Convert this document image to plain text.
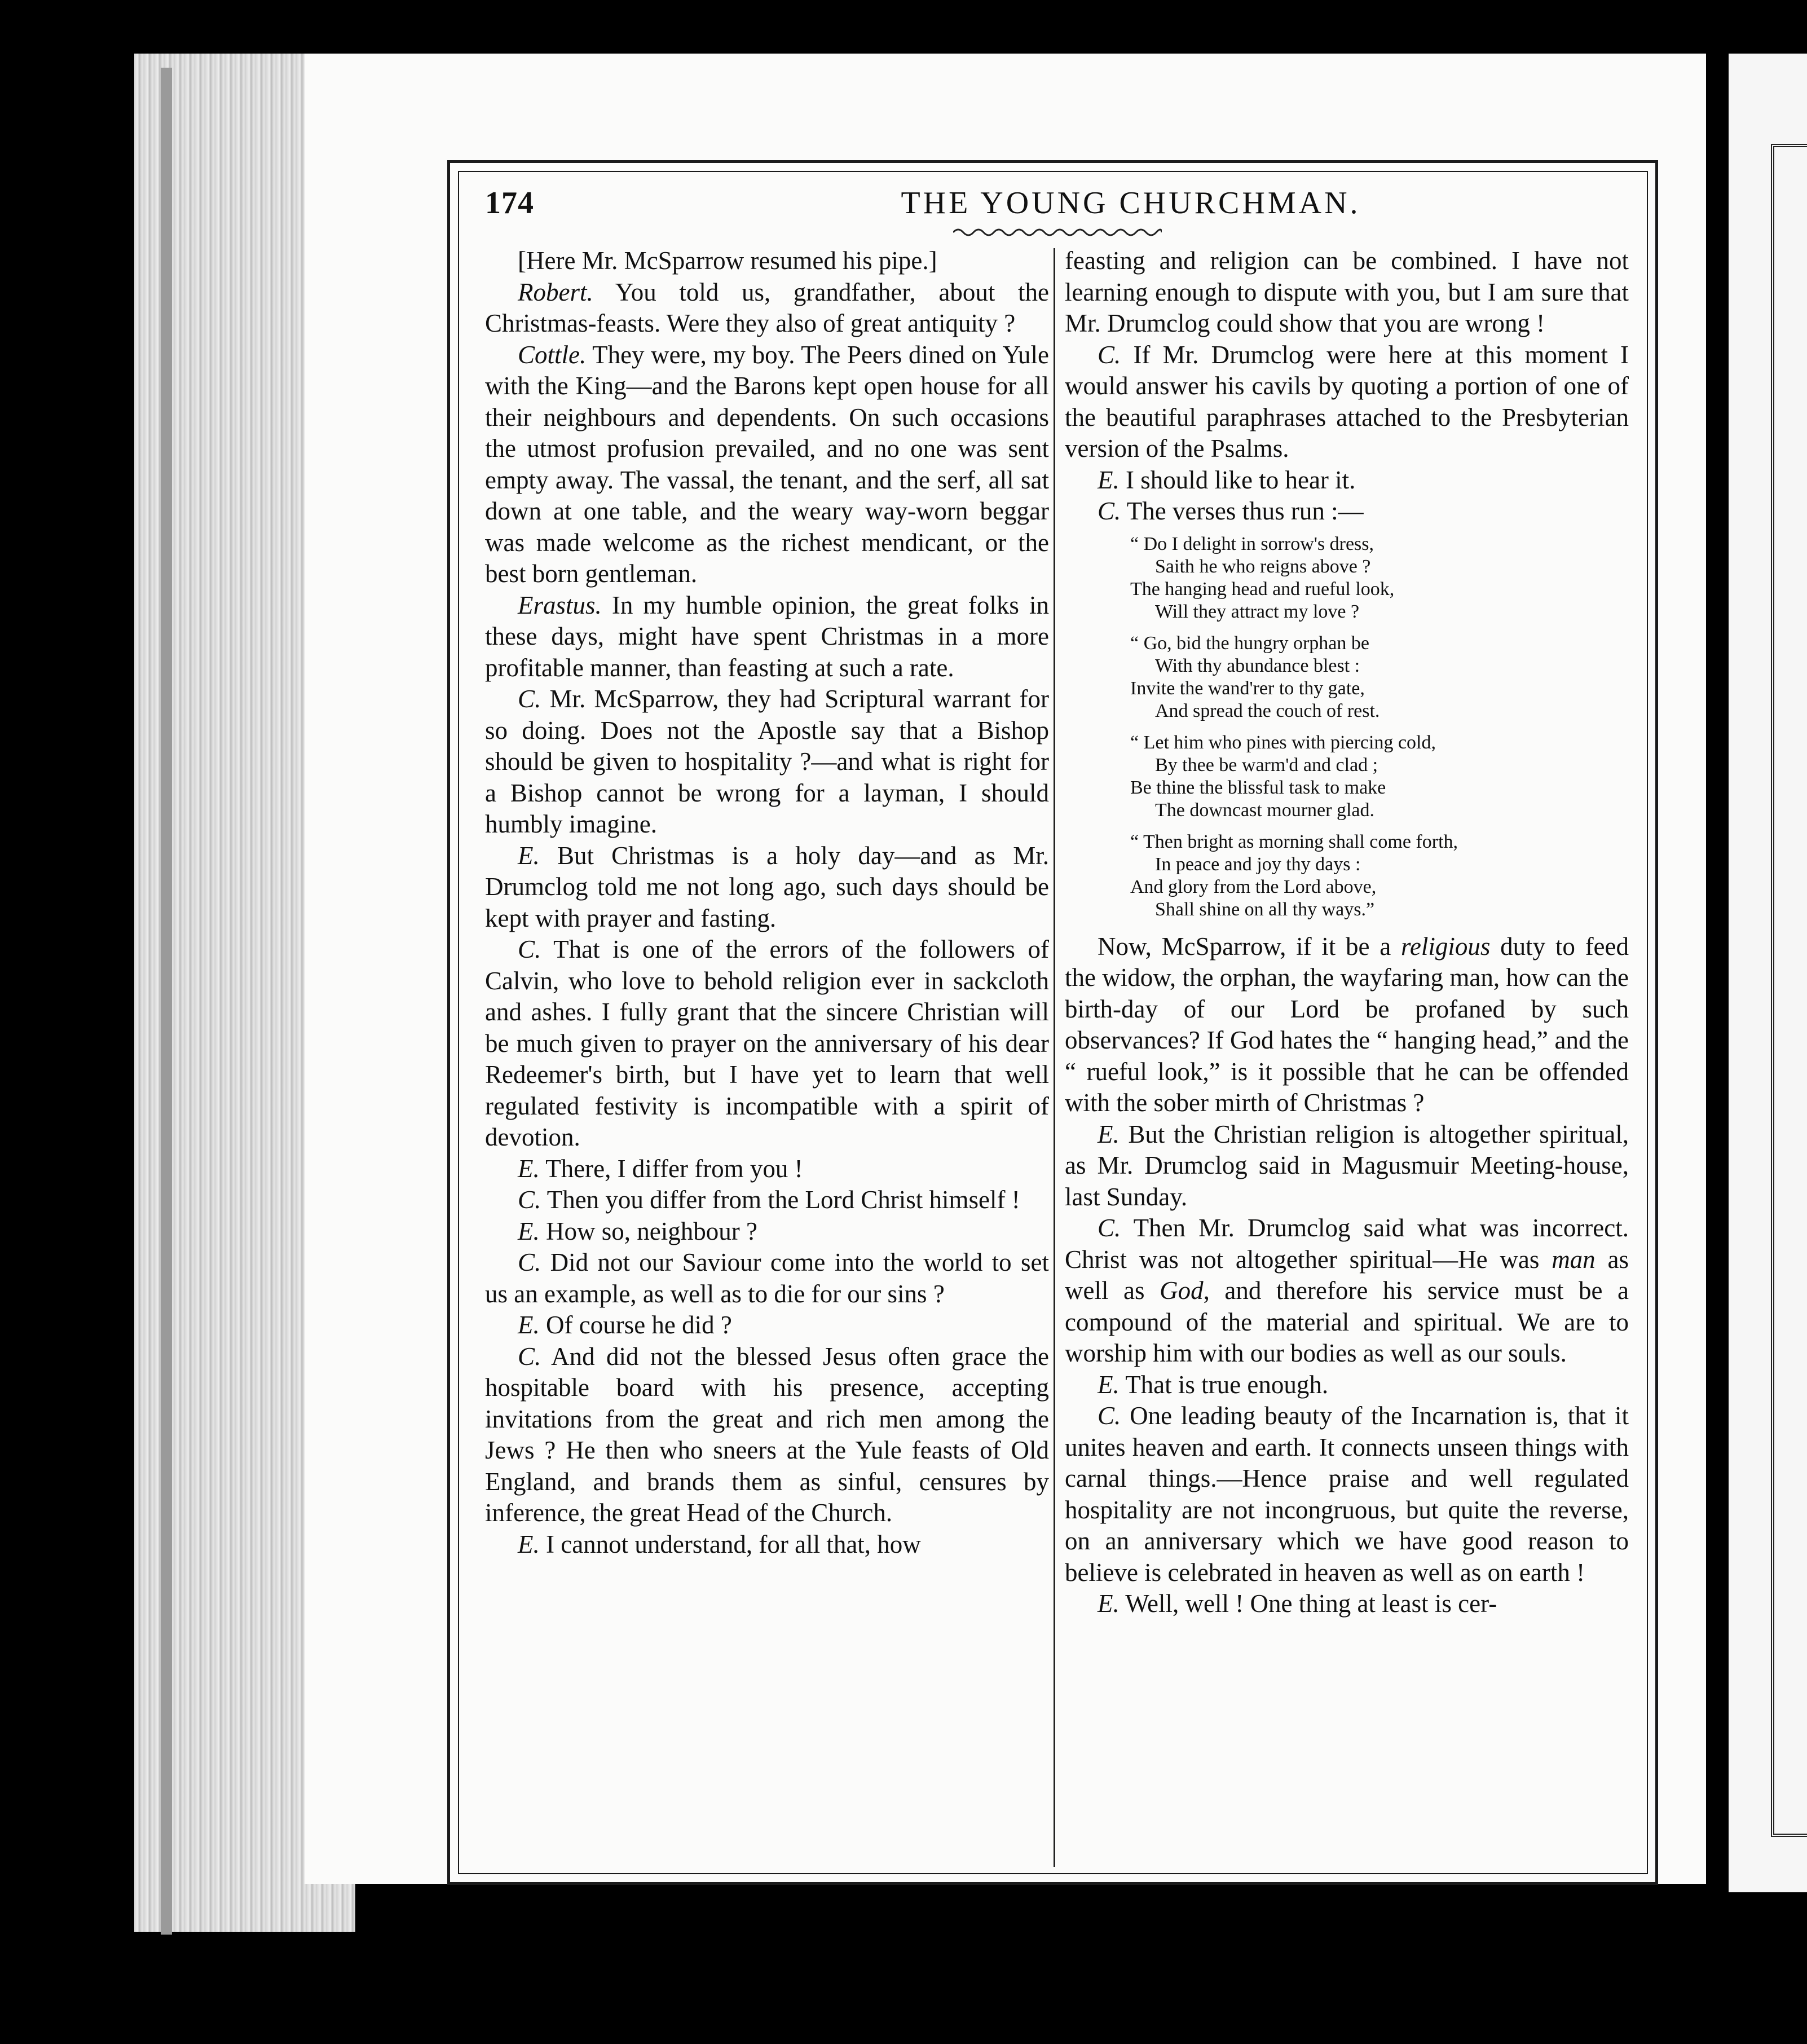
174	THE YOUNG CHURCHMAN.

[Here Mr. McSparrow resumed his pipe.]

Robert. You told us, grandfather, about the Christmas-feasts. Were they also of great antiquity ?

Cottle. They were, my boy. The Peers dined on Yule with the King—and the Barons kept open house for all their neighbours and dependents. On such occasions the utmost profusion prevailed, and no one was sent empty away. The vassal, the tenant, and the serf, all sat down at one table, and the weary way-worn beggar was made welcome as the richest mendicant, or the best born gentleman.

Erastus. In my humble opinion, the great folks in these days, might have spent Christmas in a more profitable manner, than feasting at such a rate.

C. Mr. McSparrow, they had Scriptural warrant for so doing. Does not the Apostle say that a Bishop should be given to hospitality ?—and what is right for a Bishop cannot be wrong for a layman, I should humbly imagine.

E. But Christmas is a holy day—and as Mr. Drumclog told me not long ago, such days should be kept with prayer and fasting.

C. That is one of the errors of the followers of Calvin, who love to behold religion ever in sackcloth and ashes. I fully grant that the sincere Christian will be much given to prayer on the anniversary of his dear Redeemer's birth, but I have yet to learn that well regulated festivity is incompatible with a spirit of devotion.

E. There, I differ from you !

C. Then you differ from the Lord Christ himself !

E. How so, neighbour ?

C. Did not our Saviour come into the world to set us an example, as well as to die for our sins ?

E. Of course he did ?

C. And did not the blessed Jesus often grace the hospitable board with his presence, accepting invitations from the great and rich men among the Jews ? He then who sneers at the Yule feasts of Old England, and brands them as sinful, censures by inference, the great Head of the Church.

E. I cannot understand, for all that, how

feasting and religion can be combined. I have not learning enough to dispute with you, but I am sure that Mr. Drumclog could show that you are wrong !

C. If Mr. Drumclog were here at this moment I would answer his cavils by quoting a portion of one of the beautiful paraphrases attached to the Presbyterian version of the Psalms.

E. I should like to hear it.

C. The verses thus run :—

“ Do I delight in sorrow's dress,
Saith he who reigns above ?
The hanging head and rueful look,
Will they attract my love ?
“ Go, bid the hungry orphan be
With thy abundance blest :
Invite the wand'rer to thy gate,
And spread the couch of rest.
“ Let him who pines with piercing cold,
By thee be warm'd and clad ;
Be thine the blissful task to make
The downcast mourner glad.
“ Then bright as morning shall come forth,
In peace and joy thy days :
And glory from the Lord above,
Shall shine on all thy ways.”

Now, McSparrow, if it be a religious duty to feed the widow, the orphan, the wayfaring man, how can the birth-day of our Lord be profaned by such observances? If God hates the “ hanging head,” and the “ rueful look,” is it possible that he can be offended with the sober mirth of Christmas ?

E. But the Christian religion is altogether spiritual, as Mr. Drumclog said in Magusmuir Meeting-house, last Sunday.

C. Then Mr. Drumclog said what was incorrect. Christ was not altogether spiritual—He was man as well as God, and therefore his service must be a compound of the material and spiritual. We are to worship him with our bodies as well as our souls.

E. That is true enough.

C. One leading beauty of the Incarnation is, that it unites heaven and earth. It connects unseen things with carnal things.—Hence praise and well regulated hospitality are not incongruous, but quite the reverse, on an anniversary which we have good reason to believe is celebrated in heaven as well as on earth !

E. Well, well ! One thing at least is cer-
